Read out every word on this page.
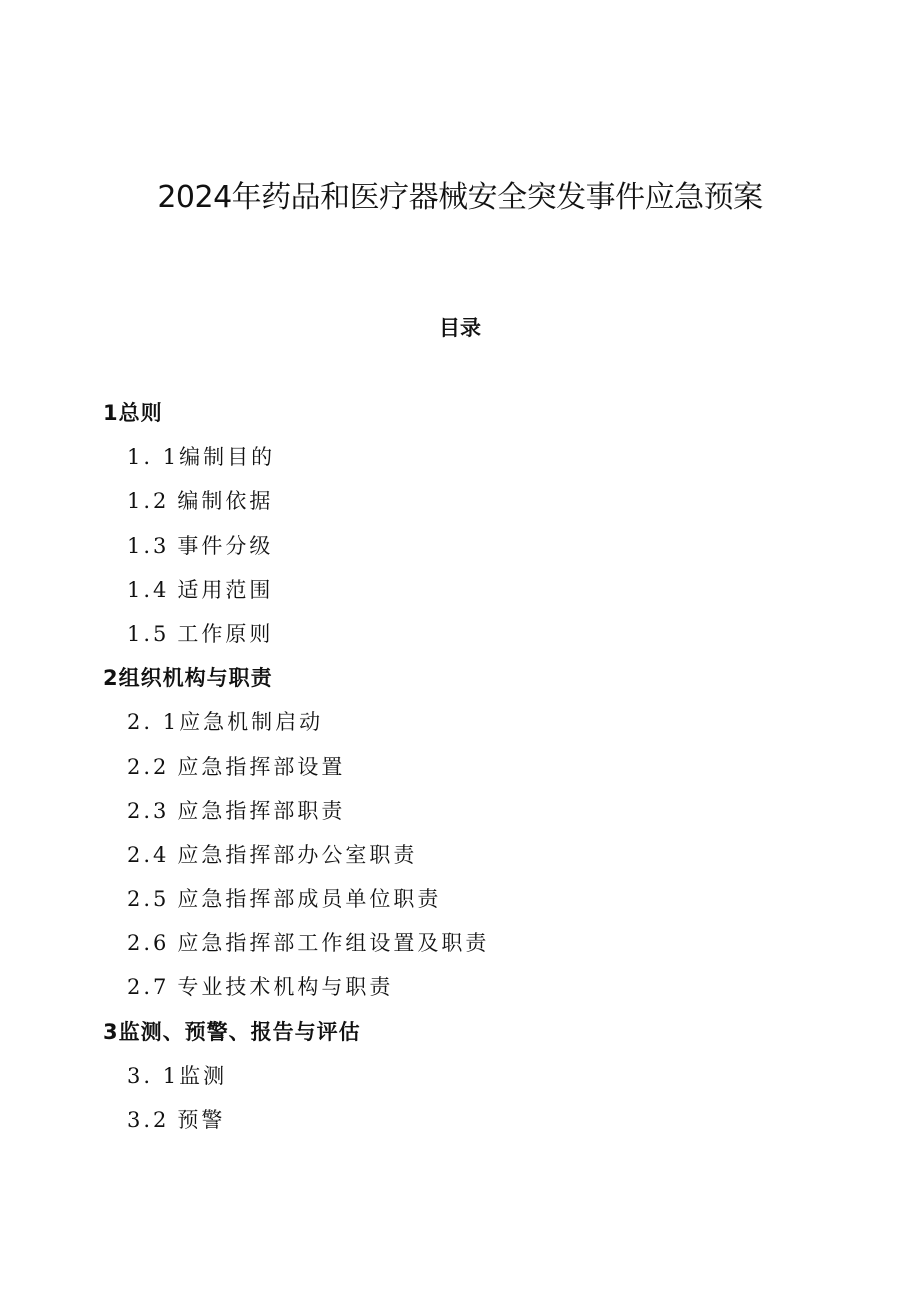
2024年药品和医疗器械安全突发事件应急预案
目录
1总则
1. 1编制目的
1.2 编制依据
1.3 事件分级
1.4 适用范围
1.5 工作原则
2组织机构与职责
2. 1应急机制启动
2.2 应急指挥部设置
2.3 应急指挥部职责
2.4 应急指挥部办公室职责
2.5 应急指挥部成员单位职责
2.6 应急指挥部工作组设置及职责
2.7 专业技术机构与职责
3监测、预警、报告与评估
3. 1监测
3.2 预警
